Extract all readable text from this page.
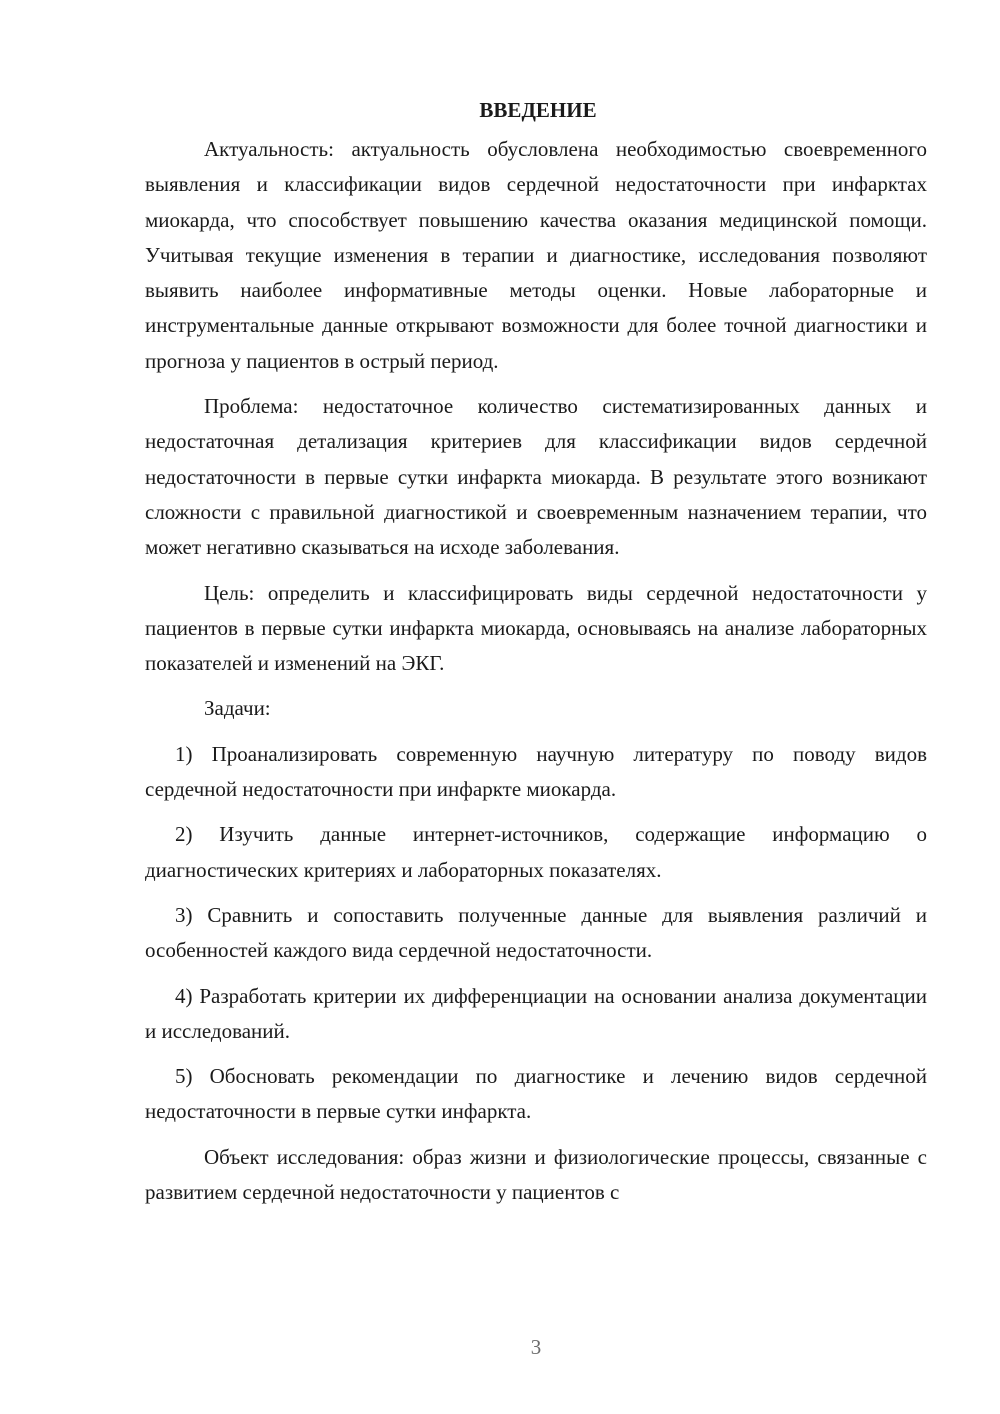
ВВЕДЕНИЕ

Актуальность: актуальность обусловлена необходимостью своевременного выявления и классификации видов сердечной недостаточности при инфарктах миокарда, что способствует повышению качества оказания медицинской помощи. Учитывая текущие изменения в терапии и диагностике, исследования позволяют выявить наиболее информативные методы оценки. Новые лабораторные и инструментальные данные открывают возможности для более точной диагностики и прогноза у пациентов в острый период.

Проблема: недостаточное количество систематизированных данных и недостаточная детализация критериев для классификации видов сердечной недостаточности в первые сутки инфаркта миокарда. В результате этого возникают сложности с правильной диагностикой и своевременным назначением терапии, что может негативно сказываться на исходе заболевания.

Цель: определить и классифицировать виды сердечной недостаточности у пациентов в первые сутки инфаркта миокарда, основываясь на анализе лабораторных показателей и изменений на ЭКГ.

Задачи:

1) Проанализировать современную научную литературу по поводу видов сердечной недостаточности при инфаркте миокарда.

2) Изучить данные интернет-источников, содержащие информацию о диагностических критериях и лабораторных показателях.

3) Сравнить и сопоставить полученные данные для выявления различий и особенностей каждого вида сердечной недостаточности.

4) Разработать критерии их дифференциации на основании анализа документации и исследований.

5) Обосновать рекомендации по диагностике и лечению видов сердечной недостаточности в первые сутки инфаркта.

Объект исследования: образ жизни и физиологические процессы, связанные с развитием сердечной недостаточности у пациентов с

3
